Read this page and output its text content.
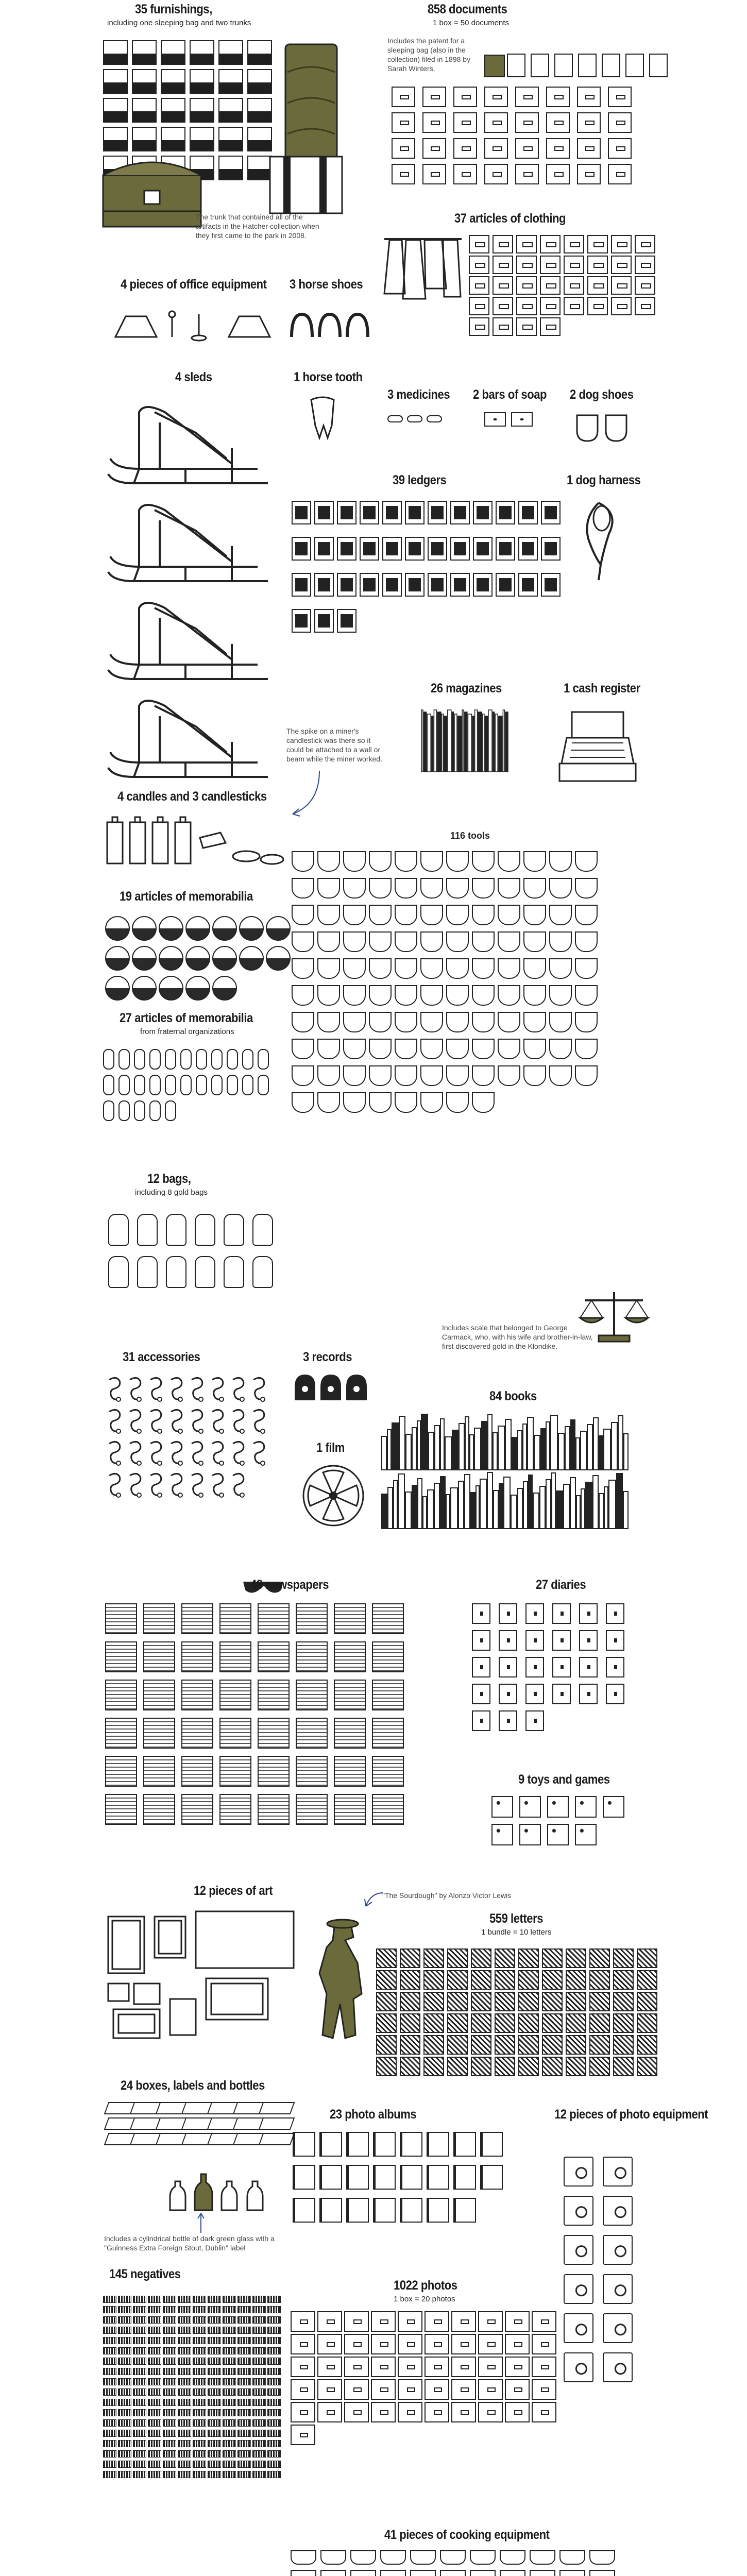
35 furnishings,
including one sleeping bag and two trunks
The trunk that contained all of the artifacts in the Hatcher collection when they first came to the park in 2008.
858 documents
1 box = 50 documents
Includes the patent for a sleeping bag (also in the collection) filed in 1898 by Sarah Winters.
37 articles of clothing
4 pieces of office equipment 3 horse shoes
4 sleds	1 horse tooth
3 medicines 2 bars of soap 2 dog shoes
39 ledgers	1 dog harness
26 magazines	1 cash register
The spike on a miner's candlestick was there so it could be attached to a wall or beam while the miner worked.
4 candles and 3 candlesticks
116 tools
Includes scale that belonged to George Carmack, who, with his wife and brother-in-law, first discovered gold in the Klondike.
19 articles of memorabilia
27 articles of memorabilia
from fraternal organizations
12 bags,
including 8 gold bags
31 accessories	3 records
1 film
84 books
48 newspapers	27 diaries
9 toys and games
12 pieces of art	"The Sourdough" by Alonzo Victor Lewis
559 letters
1 bundle = 10 letters
24 boxes, labels and bottles
Includes a cylindrical bottle of dark green glass with a "Guinness Extra Foreign Stout, Dublin" label
23 photo albums	12 pieces of photo equipment
145 negatives
1022 photos
1 box = 20 photos
41 pieces of cooking equipment
